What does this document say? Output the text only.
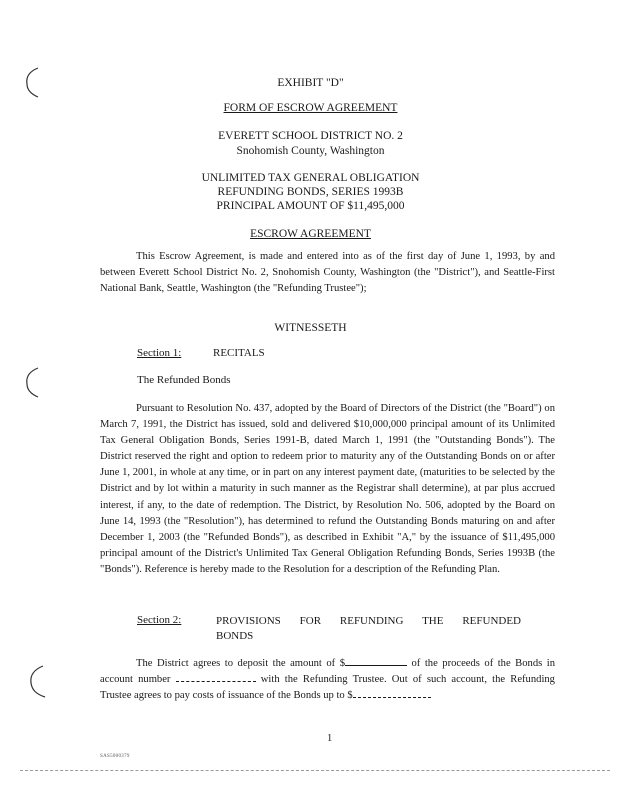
EXHIBIT "D"
FORM OF ESCROW AGREEMENT
EVERETT SCHOOL DISTRICT NO. 2
Snohomish County, Washington
UNLIMITED TAX GENERAL OBLIGATION
REFUNDING BONDS, SERIES 1993B
PRINCIPAL AMOUNT OF $11,495,000
ESCROW AGREEMENT

This Escrow Agreement, is made and entered into as of the first day of June 1, 1993, by and between Everett School District No. 2, Snohomish County, Washington (the "District"), and Seattle-First National Bank, Seattle, Washington (the "Refunding Trustee");

WITNESSETH
Section 1:	RECITALS
The Refunded Bonds

Pursuant to Resolution No. 437, adopted by the Board of Directors of the District (the "Board") on March 7, 1991, the District has issued, sold and delivered $10,000,000 principal amount of its Unlimited Tax General Obligation Bonds, Series 1991-B, dated March 1, 1991 (the "Outstanding Bonds"). The District reserved the right and option to redeem prior to maturity any of the Outstanding Bonds on or after June 1, 2001, in whole at any time, or in part on any interest payment date, (maturities to be selected by the District and by lot within a maturity in such manner as the Registrar shall determine), at par plus accrued interest, if any, to the date of redemption. The District, by Resolution No. 506, adopted by the Board on June 14, 1993 (the "Resolution"), has determined to refund the Outstanding Bonds maturing on and after December 1, 2003 (the "Refunded Bonds"), as described in Exhibit "A," by the issuance of $11,495,000 principal amount of the District's Unlimited Tax General Obligation Refunding Bonds, Series 1993B (the "Bonds"). Reference is hereby made to the Resolution for a description of the Refunding Plan.

Section 2:	PROVISIONS FOR REFUNDING THE REFUNDED
BONDS

The District agrees to deposit the amount of $	of the proceeds of the Bonds in account number	with the Refunding Trustee. Out of such account, the Refunding Trustee agrees to pay costs of issuance of the Bonds up to $

1
SAS5000379
